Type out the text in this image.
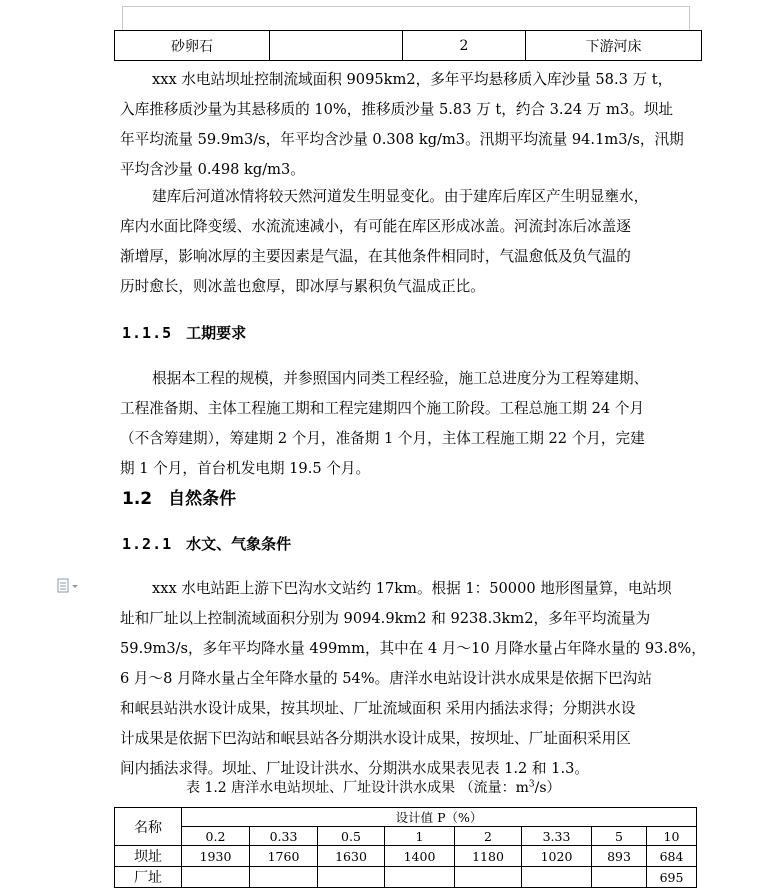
砂卵石		2	下游河床

xxx 水电站坝址控制流域面积 9095km2，多年平均悬移质入库沙量 58.3 万 t，
入库推移质沙量为其悬移质的 10%，推移质沙量 5.83 万 t，约合 3.24 万 m3。坝址
年平均流量 59.9m3/s，年平均含沙量 0.308 kg/m3。汛期平均流量 94.1m3/s，汛期
平均含沙量 0.498 kg/m3。

建库后河道冰情将较天然河道发生明显变化。由于建库后库区产生明显壅水，
库内水面比降变缓、水流流速减小，有可能在库区形成冰盖。河流封冻后冰盖逐
渐增厚，影响冰厚的主要因素是气温，在其他条件相同时，气温愈低及负气温的
历时愈长，则冰盖也愈厚，即冰厚与累积负气温成正比。

1.1.5 工期要求

根据本工程的规模，并参照国内同类工程经验，施工总进度分为工程筹建期、
工程准备期、主体工程施工期和工程完建期四个施工阶段。工程总施工期 24 个月
（不含筹建期），筹建期 2 个月，准备期 1 个月，主体工程施工期 22 个月，完建
期 1 个月，首台机发电期 19.5 个月。

1.2 自然条件
1.2.1 水文、气象条件

xxx 水电站距上游下巴沟水文站约 17km。根据 1：50000 地形图量算，电站坝
址和厂址以上控制流域面积分别为 9094.9km2 和 9238.3km2，多年平均流量为
59.9m3/s，多年平均降水量 499mm，其中在 4 月～10 月降水量占年降水量的 93.8%，
6 月～8 月降水量占全年降水量的 54%。唐洋水电站设计洪水成果是依据下巴沟站
和岷县站洪水设计成果，按其坝址、厂址流域面积 采用内插法求得；分期洪水设
计成果是依据下巴沟站和岷县站各分期洪水设计成果，按坝址、厂址面积采用区
间内插法求得。坝址、厂址设计洪水、分期洪水成果表见表 1.2 和 1.3。

表 1.2 唐洋水电站坝址、厂址设计洪水成果 （流量：$m^3/s$）

名称	设计值 P（%）							
	0.2	0.33	0.5	1	2	3.33	5	10
坝址	1930	1760	1630	1400	1180	1020	893	684
厂址								695
